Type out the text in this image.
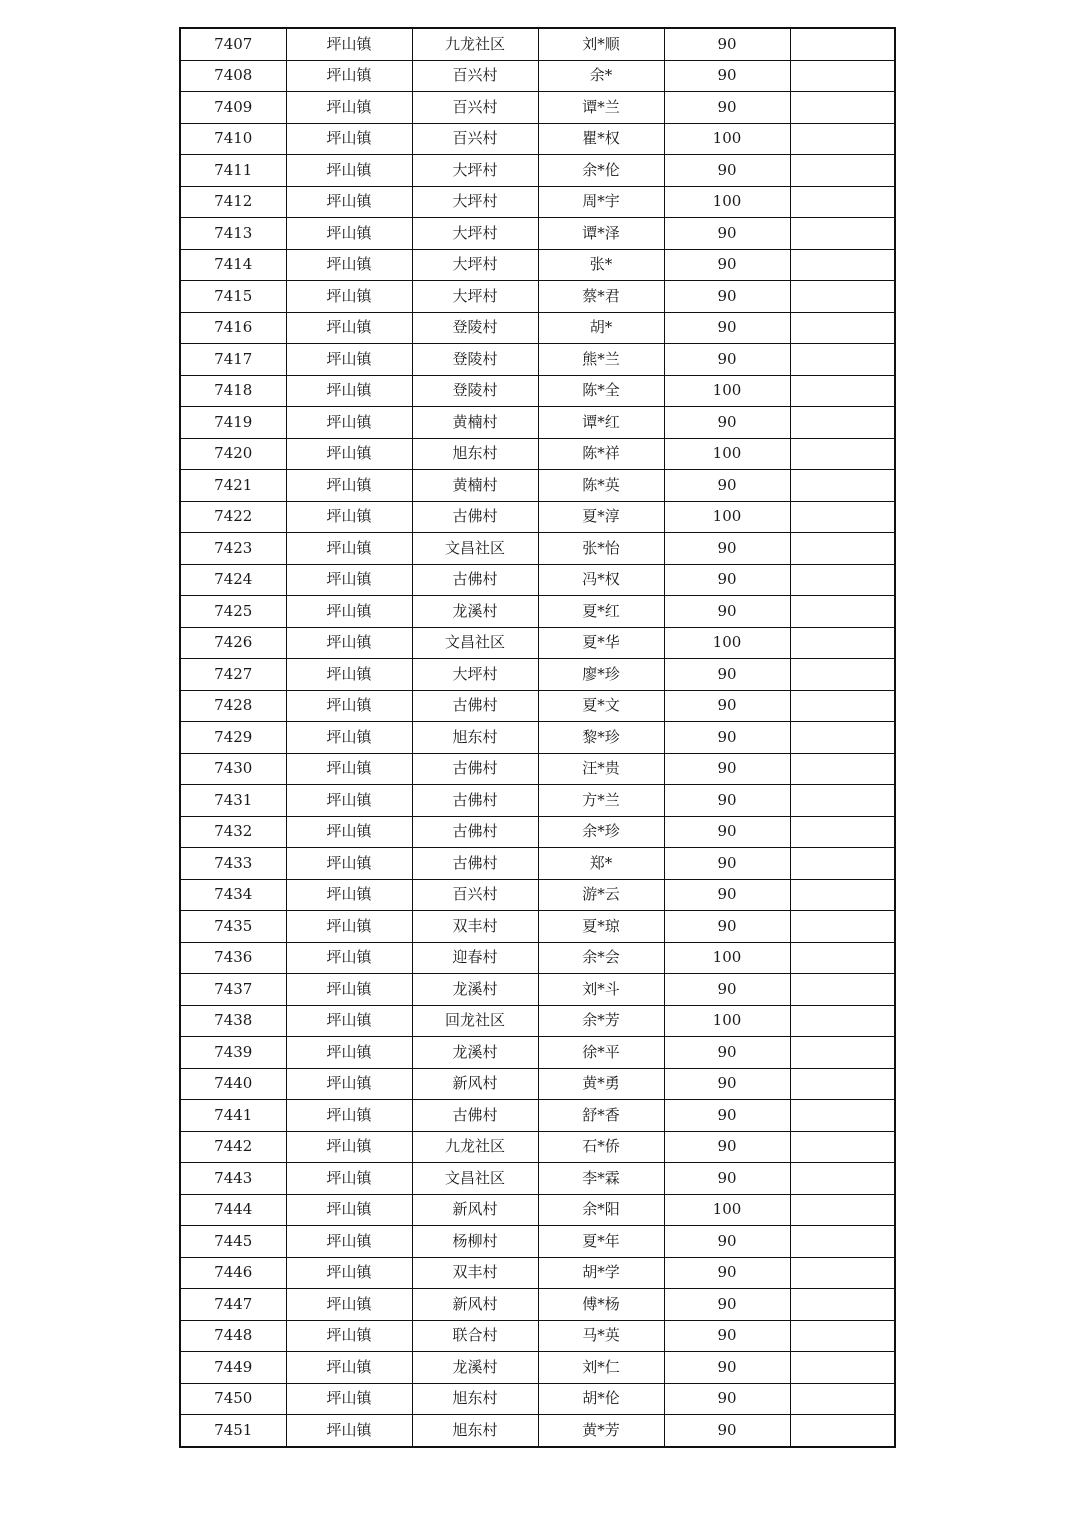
7407	坪山镇	九龙社区	刘*顺	90	
7408	坪山镇	百兴村	余*	90	
7409	坪山镇	百兴村	谭*兰	90	
7410	坪山镇	百兴村	瞿*权	100	
7411	坪山镇	大坪村	余*伦	90	
7412	坪山镇	大坪村	周*宇	100	
7413	坪山镇	大坪村	谭*泽	90	
7414	坪山镇	大坪村	张*	90	
7415	坪山镇	大坪村	蔡*君	90	
7416	坪山镇	登陵村	胡*	90	
7417	坪山镇	登陵村	熊*兰	90	
7418	坪山镇	登陵村	陈*全	100	
7419	坪山镇	黄楠村	谭*红	90	
7420	坪山镇	旭东村	陈*祥	100	
7421	坪山镇	黄楠村	陈*英	90	
7422	坪山镇	古佛村	夏*淳	100	
7423	坪山镇	文昌社区	张*怡	90	
7424	坪山镇	古佛村	冯*权	90	
7425	坪山镇	龙溪村	夏*红	90	
7426	坪山镇	文昌社区	夏*华	100	
7427	坪山镇	大坪村	廖*珍	90	
7428	坪山镇	古佛村	夏*文	90	
7429	坪山镇	旭东村	黎*珍	90	
7430	坪山镇	古佛村	汪*贵	90	
7431	坪山镇	古佛村	方*兰	90	
7432	坪山镇	古佛村	余*珍	90	
7433	坪山镇	古佛村	郑*	90	
7434	坪山镇	百兴村	游*云	90	
7435	坪山镇	双丰村	夏*琼	90	
7436	坪山镇	迎春村	余*会	100	
7437	坪山镇	龙溪村	刘*斗	90	
7438	坪山镇	回龙社区	余*芳	100	
7439	坪山镇	龙溪村	徐*平	90	
7440	坪山镇	新风村	黄*勇	90	
7441	坪山镇	古佛村	舒*香	90	
7442	坪山镇	九龙社区	石*侨	90	
7443	坪山镇	文昌社区	李*霖	90	
7444	坪山镇	新风村	余*阳	100	
7445	坪山镇	杨柳村	夏*年	90	
7446	坪山镇	双丰村	胡*学	90	
7447	坪山镇	新风村	傅*杨	90	
7448	坪山镇	联合村	马*英	90	
7449	坪山镇	龙溪村	刘*仁	90	
7450	坪山镇	旭东村	胡*伦	90	
7451	坪山镇	旭东村	黄*芳	90	
